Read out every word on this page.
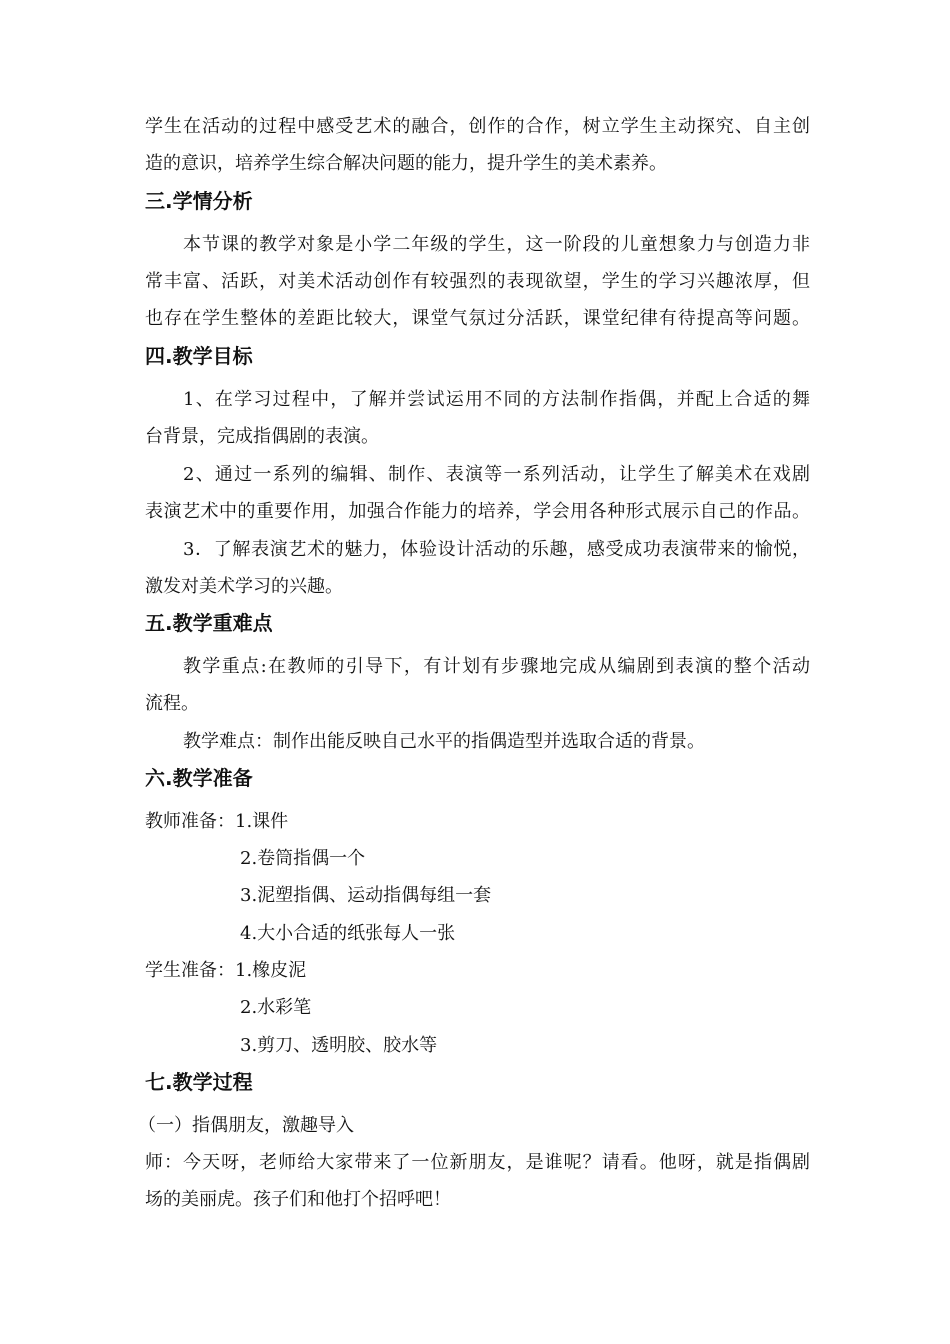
学生在活动的过程中感受艺术的融合，创作的合作，树立学生主动探究、自主创
造的意识，培养学生综合解决问题的能力，提升学生的美术素养。
三.学情分析
本节课的教学对象是小学二年级的学生，这一阶段的儿童想象力与创造力非
常丰富、活跃，对美术活动创作有较强烈的表现欲望，学生的学习兴趣浓厚，但
也存在学生整体的差距比较大，课堂气氛过分活跃，课堂纪律有待提高等问题。
四.教学目标
1、在学习过程中，了解并尝试运用不同的方法制作指偶，并配上合适的舞
台背景，完成指偶剧的表演。
2、通过一系列的编辑、制作、表演等一系列活动，让学生了解美术在戏剧
表演艺术中的重要作用，加强合作能力的培养，学会用各种形式展示自己的作品。
3．了解表演艺术的魅力，体验设计活动的乐趣，感受成功表演带来的愉悦，
激发对美术学习的兴趣。
五.教学重难点
教学重点:在教师的引导下，有计划有步骤地完成从编剧到表演的整个活动
流程。
教学难点：制作出能反映自己水平的指偶造型并选取合适的背景。
六.教学准备
教师准备：1.课件
2.卷筒指偶一个
3.泥塑指偶、运动指偶每组一套
4.大小合适的纸张每人一张
学生准备：1.橡皮泥
2.水彩笔
3.剪刀、透明胶、胶水等
七.教学过程
（一）指偶朋友，激趣导入
师：今天呀，老师给大家带来了一位新朋友，是谁呢？请看。他呀，就是指偶剧
场的美丽虎。孩子们和他打个招呼吧！
